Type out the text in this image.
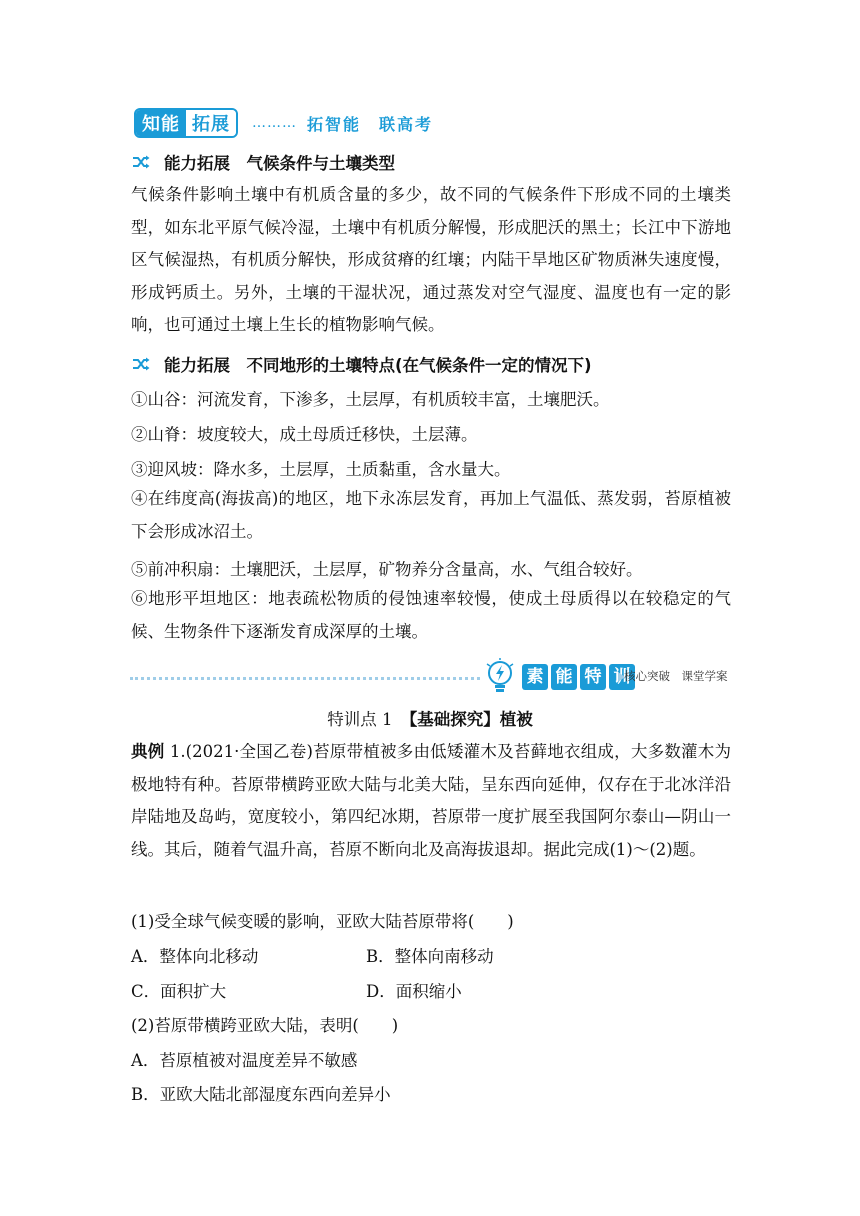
知能 拓展	……… 拓智能　联高考
能力拓展　气候条件与土壤类型

气候条件影响土壤中有机质含量的多少，故不同的气候条件下形成不同的土壤类型，如东北平原气候冷湿，土壤中有机质分解慢，形成肥沃的黑土；长江中下游地区气候湿热，有机质分解快，形成贫瘠的红壤；内陆干旱地区矿物质淋失速度慢，形成钙质土。另外，土壤的干湿状况，通过蒸发对空气湿度、温度也有一定的影响，也可通过土壤上生长的植物影响气候。

能力拓展　不同地形的土壤特点(在气候条件一定的情况下)
①山谷：河流发育，下渗多，土层厚，有机质较丰富，土壤肥沃。
②山脊：坡度较大，成土母质迁移快，土层薄。
③迎风坡：降水多，土层厚，土质黏重，含水量大。

④在纬度高(海拔高)的地区，地下永冻层发育，再加上气温低、蒸发弱，苔原植被下会形成冰沼土。

⑤前冲积扇：土壤肥沃，土层厚，矿物养分含量高，水、气组合较好。

⑥地形平坦地区：地表疏松物质的侵蚀速率较慢，使成土母质得以在较稳定的气候、生物条件下逐渐发育成深厚的土壤。

素 能 特 训
核心突破　课堂学案
特训点 1　【基础探究】植被

典例 1.(2021·全国乙卷)苔原带植被多由低矮灌木及苔藓地衣组成，大多数灌木为极地特有种。苔原带横跨亚欧大陆与北美大陆，呈东西向延伸，仅存在于北冰洋沿岸陆地及岛屿，宽度较小，第四纪冰期，苔原带一度扩展至我国阿尔泰山—阴山一线。其后，随着气温升高，苔原不断向北及高海拔退却。据此完成(1)～(2)题。

(1)受全球气候变暖的影响，亚欧大陆苔原带将(　　)
A．整体向北移动	B．整体向南移动
C．面积扩大	D．面积缩小
(2)苔原带横跨亚欧大陆，表明(　　)
A．苔原植被对温度差异不敏感
B．亚欧大陆北部湿度东西向差异小
